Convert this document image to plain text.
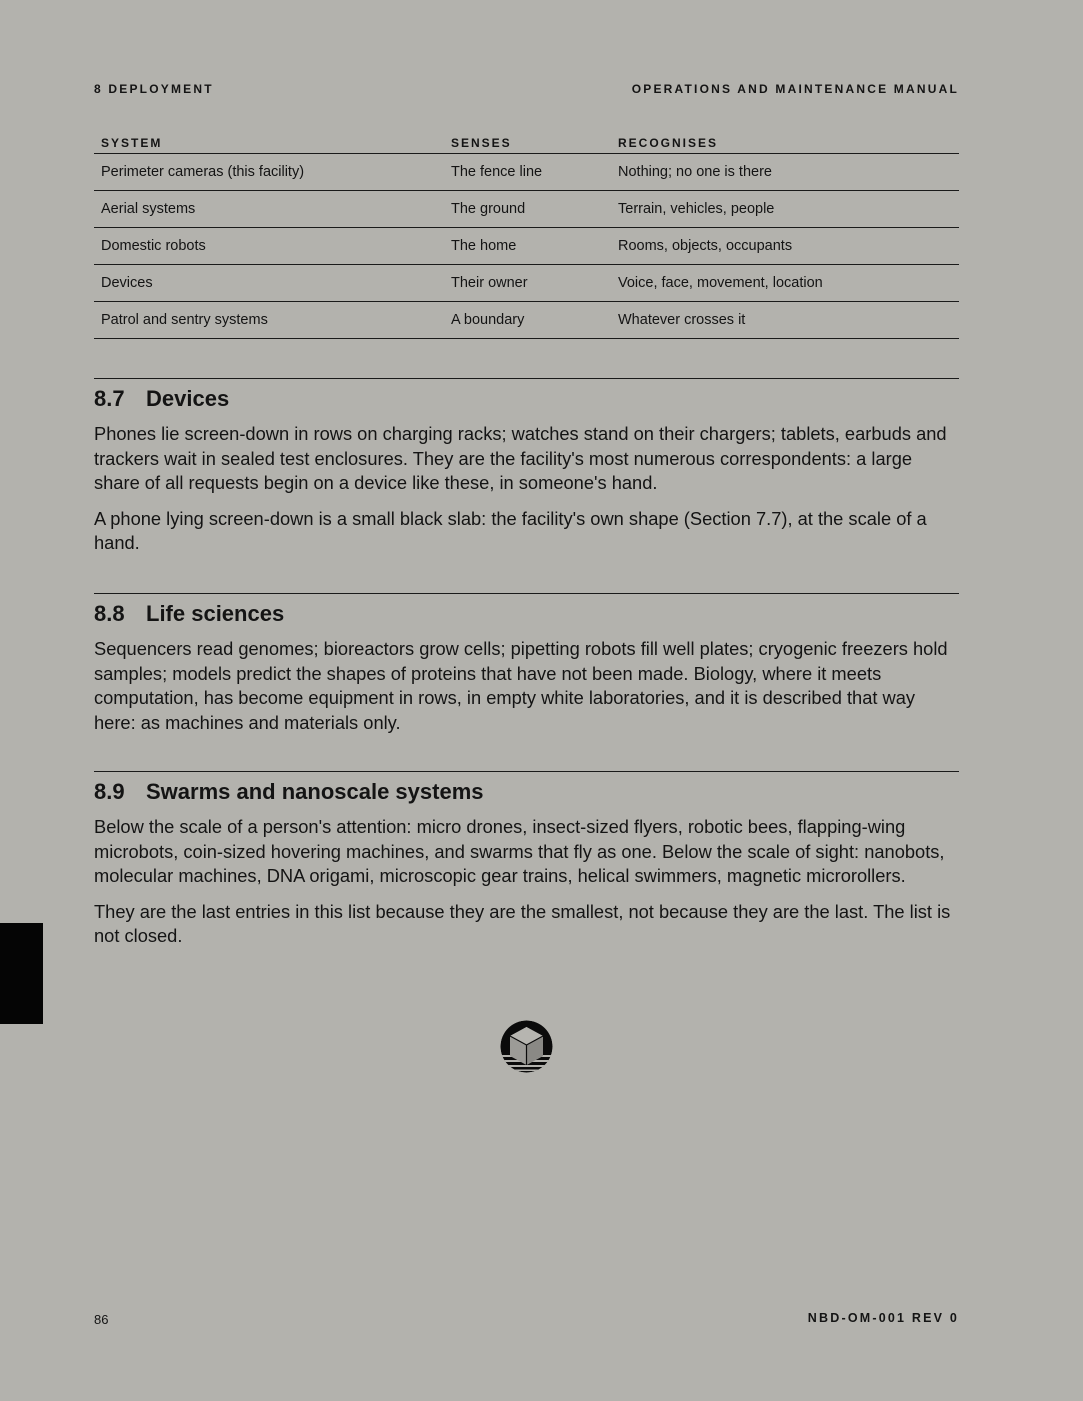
8 DEPLOYMENT	OPERATIONS AND MAINTENANCE MANUAL
SYSTEM	SENSES	RECOGNISES
Perimeter cameras (this facility)	The fence line	Nothing; no one is there
Aerial systems	The ground	Terrain, vehicles, people
Domestic robots	The home	Rooms, objects, occupants
Devices	Their owner	Voice, face, movement, location
Patrol and sentry systems	A boundary	Whatever crosses it
8.7 Devices

Phones lie screen-down in rows on charging racks; watches stand on their chargers; tablets, earbuds and trackers wait in sealed test enclosures. They are the facility's most numerous correspondents: a large share of all requests begin on a device like these, in someone's hand.

A phone lying screen-down is a small black slab: the facility's own shape (Section 7.7), at the scale of a hand.

8.8 Life sciences

Sequencers read genomes; bioreactors grow cells; pipetting robots fill well plates; cryogenic freezers hold samples; models predict the shapes of proteins that have not been made. Biology, where it meets computation, has become equipment in rows, in empty white laboratories, and it is described that way here: as machines and materials only.

8.9 Swarms and nanoscale systems

Below the scale of a person's attention: micro drones, insect-sized flyers, robotic bees, flapping-wing microbots, coin-sized hovering machines, and swarms that fly as one. Below the scale of sight: nanobots, molecular machines, DNA origami, microscopic gear trains, helical swimmers, magnetic microrollers.

They are the last entries in this list because they are the smallest, not because they are the last. The list is not closed.

86	NBD-OM-001 REV 0
